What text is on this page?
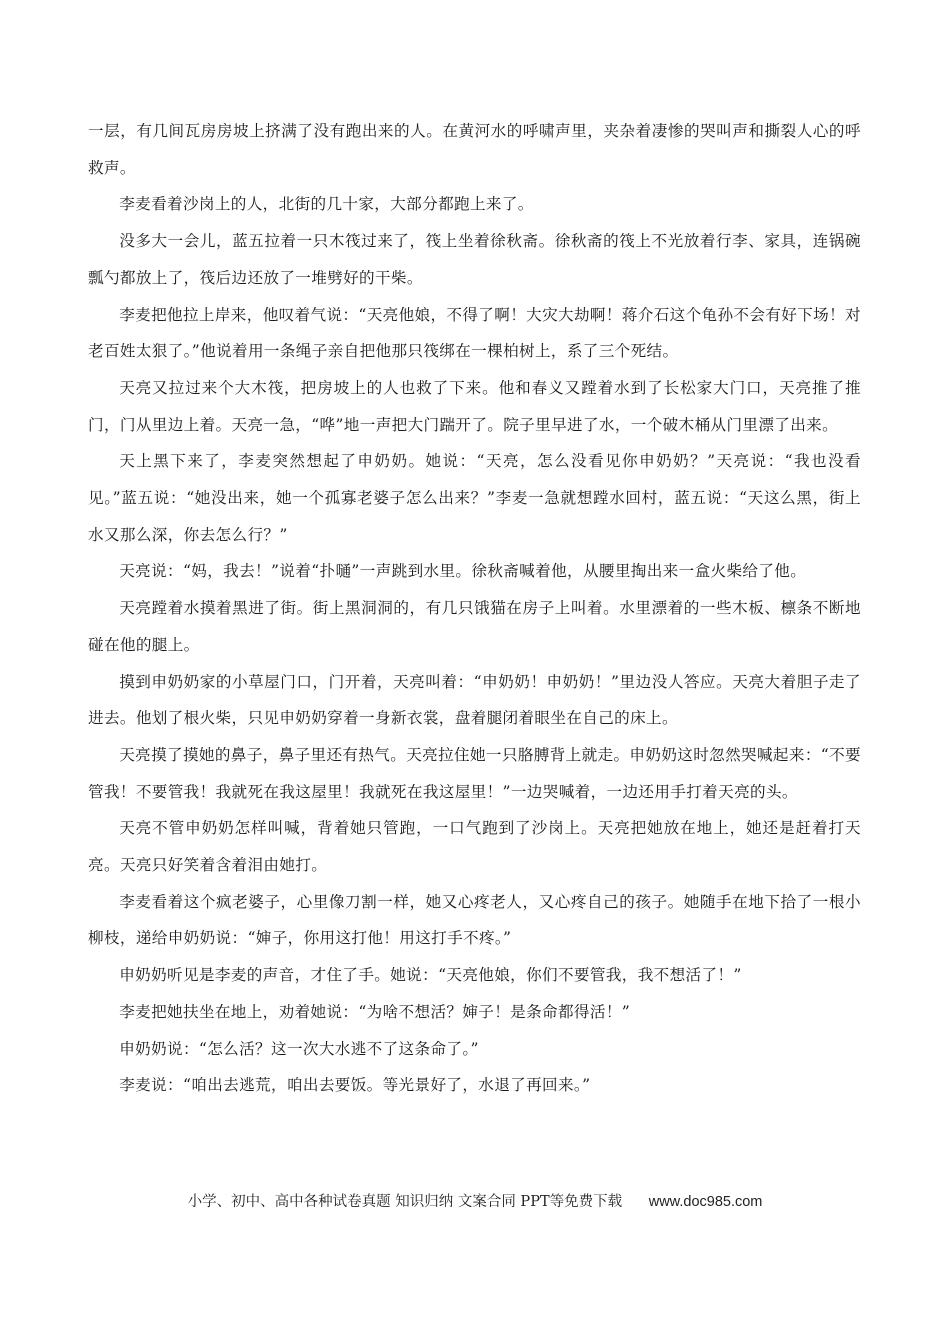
一层，有几间瓦房房坡上挤满了没有跑出来的人。在黄河水的呼啸声里，夹杂着凄惨的哭叫声和撕裂人心的呼救声。

李麦看着沙岗上的人，北街的几十家，大部分都跑上来了。

没多大一会儿，蓝五拉着一只木筏过来了，筏上坐着徐秋斋。徐秋斋的筏上不光放着行李、家具，连锅碗瓢勺都放上了，筏后边还放了一堆劈好的干柴。

李麦把他拉上岸来，他叹着气说：“天亮他娘，不得了啊！大灾大劫啊！蒋介石这个龟孙不会有好下场！对老百姓太狠了。”他说着用一条绳子亲自把他那只筏绑在一棵柏树上，系了三个死结。

天亮又拉过来个大木筏，把房坡上的人也救了下来。他和春义又蹚着水到了长松家大门口，天亮推了推门，门从里边上着。天亮一急，“哗”地一声把大门踹开了。院子里早进了水，一个破木桶从门里漂了出来。

天上黑下来了，李麦突然想起了申奶奶。她说：“天亮，怎么没看见你申奶奶？”天亮说：“我也没看见。”蓝五说：“她没出来，她一个孤寡老婆子怎么出来？”李麦一急就想蹚水回村，蓝五说：“天这么黑，街上水又那么深，你去怎么行？”

天亮说：“妈，我去！”说着“扑嗵”一声跳到水里。徐秋斋喊着他，从腰里掏出来一盒火柴给了他。

天亮蹚着水摸着黑进了街。街上黑洞洞的，有几只饿猫在房子上叫着。水里漂着的一些木板、檩条不断地碰在他的腿上。

摸到申奶奶家的小草屋门口，门开着，天亮叫着：“申奶奶！申奶奶！”里边没人答应。天亮大着胆子走了进去。他划了根火柴，只见申奶奶穿着一身新衣裳，盘着腿闭着眼坐在自己的床上。

天亮摸了摸她的鼻子，鼻子里还有热气。天亮拉住她一只胳膊背上就走。申奶奶这时忽然哭喊起来：“不要管我！不要管我！我就死在我这屋里！我就死在我这屋里！”一边哭喊着，一边还用手打着天亮的头。

天亮不管申奶奶怎样叫喊，背着她只管跑，一口气跑到了沙岗上。天亮把她放在地上，她还是赶着打天亮。天亮只好笑着含着泪由她打。

李麦看着这个疯老婆子，心里像刀割一样，她又心疼老人，又心疼自己的孩子。她随手在地下拾了一根小柳枝，递给申奶奶说：“婶子，你用这打他！用这打手不疼。”

申奶奶听见是李麦的声音，才住了手。她说：“天亮他娘，你们不要管我，我不想活了！”

李麦把她扶坐在地上，劝着她说：“为啥不想活？婶子！是条命都得活！”

申奶奶说：“怎么活？这一次大水逃不了这条命了。”

李麦说：“咱出去逃荒，咱出去要饭。等光景好了，水退了再回来。”

小学、初中、高中各种试卷真题 知识归纳 文案合同 PPT等免费下载 www.doc985.com
